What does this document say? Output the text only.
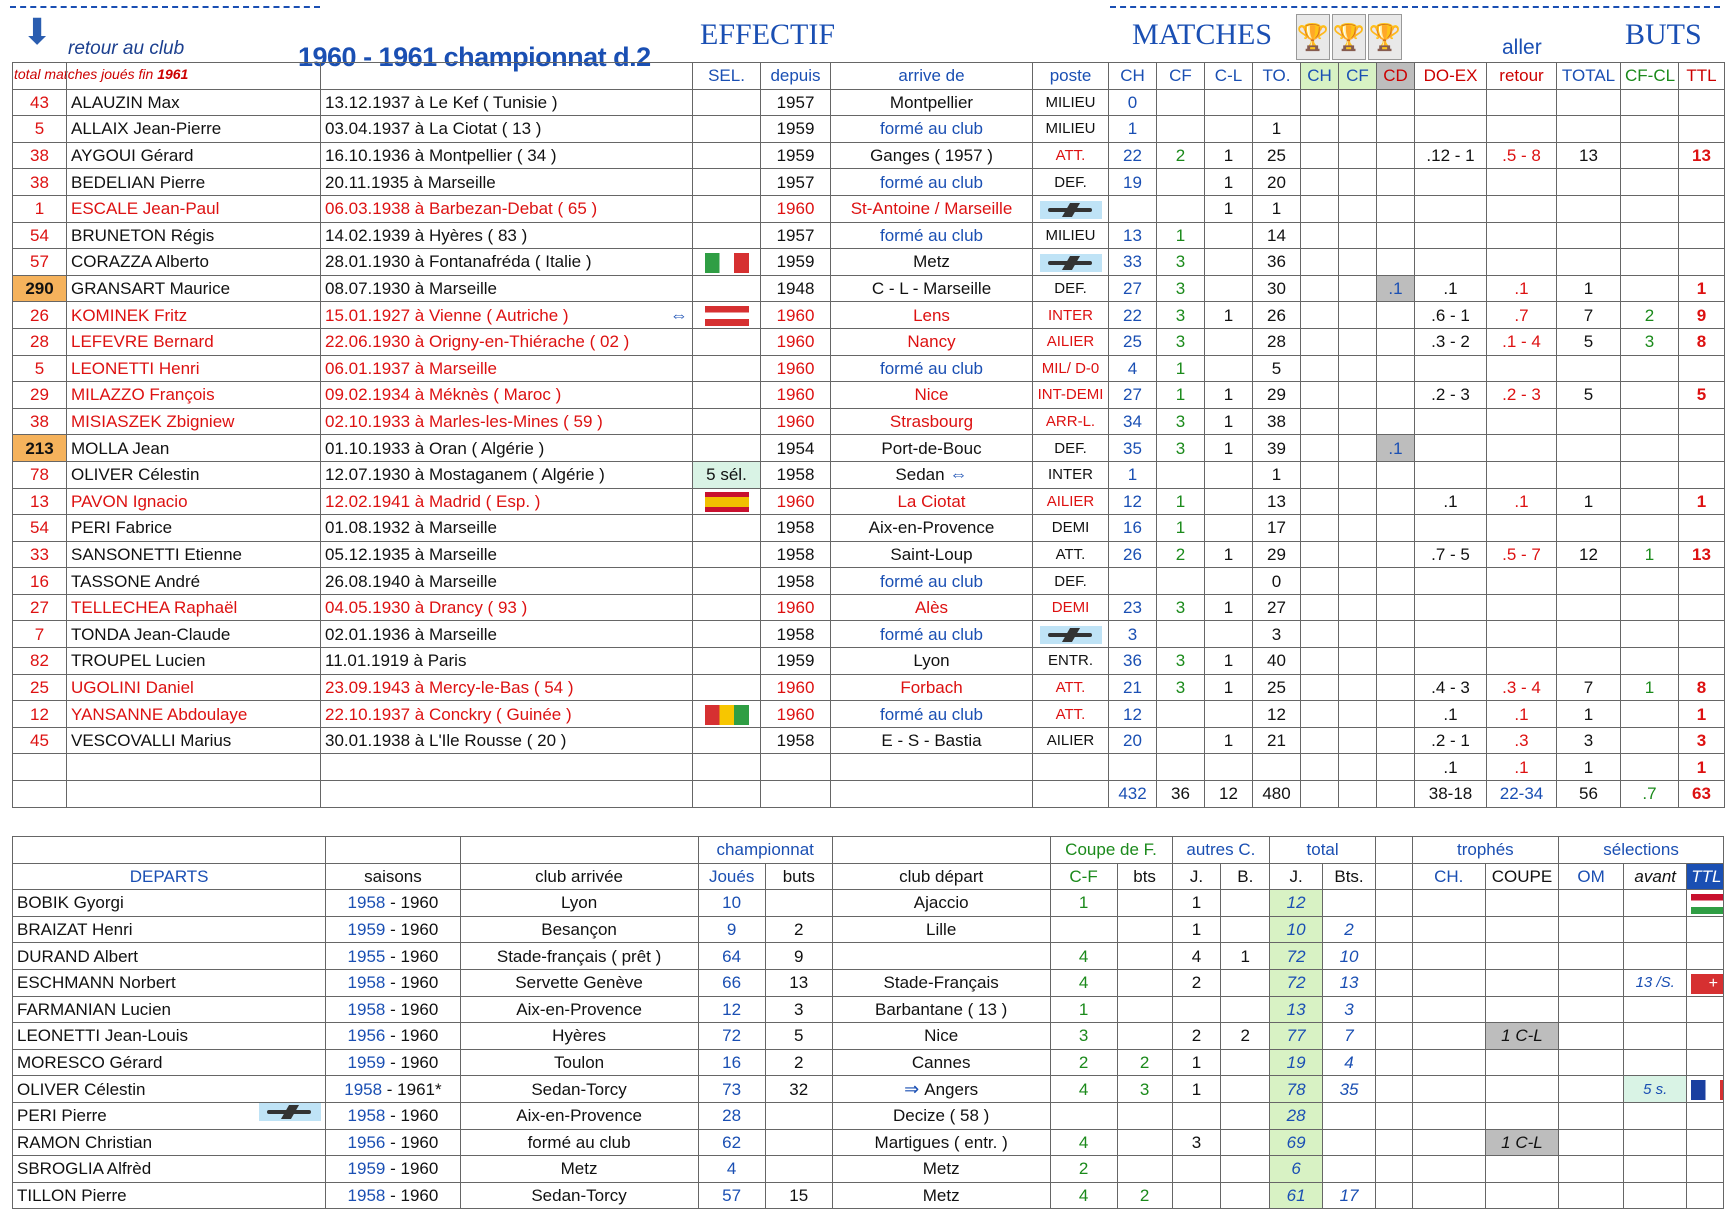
⬇ retour au club
total matches joués fin 1961
1960 - 1961 championnat d.2
EFFECTIF	MATCHES 🏆 🏆 🏆	aller	BUTS
			SEL.	depuis	arrive de	poste	CH	CF	C-L	TO.	CH	CF	CD	DO-EX	retour	TOTAL	CF-CL	TTL
43	ALAUZIN Max	13.12.1937 à Le Kef ( Tunisie )		1957	Montpellier	MILIEU	0											
5	ALLAIX Jean-Pierre	03.04.1937 à La Ciotat ( 13 )		1959	formé au club	MILIEU	1			1								
38	AYGOUI Gérard	16.10.1936 à Montpellier ( 34 )		1959	Ganges ( 1957 )	ATT.	22	2	1	25				.12 - 1	.5 - 8	13		13
38	BEDELIAN Pierre	20.11.1935 à Marseille		1957	formé au club	DEF.	19		1	20								
1	ESCALE Jean-Paul	06.03.1938 à Barbezan-Debat ( 65 )		1960	St-Antoine / Marseille				1	1								
54	BRUNETON Régis	14.02.1939 à Hyères ( 83 )		1957	formé au club	MILIEU	13	1		14								
57	CORAZZA Alberto	28.01.1930 à Fontanafréda ( Italie )		1959	Metz		33	3		36								
290	GRANSART Maurice	08.07.1930 à Marseille		1948	C - L - Marseille	DEF.	27	3		30			.1	.1	.1	1		1
26	KOMINEK Fritz	15.01.1927 à Vienne ( Autriche ) ⇔		1960	Lens	INTER	22	3	1	26				.6 - 1	.7	7	2	9
28	LEFEVRE Bernard	22.06.1930 à Origny-en-Thiérache ( 02 )		1960	Nancy	AILIER	25	3		28				.3 - 2	.1 - 4	5	3	8
5	LEONETTI Henri	06.01.1937 à Marseille		1960	formé au club	MIL/ D-0	4	1		5								
29	MILAZZO François	09.02.1934 à Méknès ( Maroc )		1960	Nice	INT-DEMI	27	1	1	29				.2 - 3	.2 - 3	5		5
38	MISIASZEK Zbigniew	02.10.1933 à Marles-les-Mines ( 59 )		1960	Strasbourg	ARR-L.	34	3	1	38								
213	MOLLA Jean	01.10.1933 à Oran ( Algérie )		1954	Port-de-Bouc	DEF.	35	3	1	39			.1					
78	OLIVER Célestin	12.07.1930 à Mostaganem ( Algérie )	5 sél.	1958	Sedan ⇔	INTER	1			1								
13	PAVON Ignacio	12.02.1941 à Madrid ( Esp. )		1960	La Ciotat	AILIER	12	1		13				.1	.1	1		1
54	PERI Fabrice	01.08.1932 à Marseille		1958	Aix-en-Provence	DEMI	16	1		17								
33	SANSONETTI Etienne	05.12.1935 à Marseille		1958	Saint-Loup	ATT.	26	2	1	29				.7 - 5	.5 - 7	12	1	13
16	TASSONE André	26.08.1940 à Marseille		1958	formé au club	DEF.				0								
27	TELLECHEA Raphaël	04.05.1930 à Drancy ( 93 )		1960	Alès	DEMI	23	3	1	27								
7	TONDA Jean-Claude	02.01.1936 à Marseille		1958	formé au club		3			3								
82	TROUPEL Lucien	11.01.1919 à Paris		1959	Lyon	ENTR.	36	3	1	40								
25	UGOLINI Daniel	23.09.1943 à Mercy-le-Bas ( 54 )		1960	Forbach	ATT.	21	3	1	25				.4 - 3	.3 - 4	7	1	8
12	YANSANNE Abdoulaye	22.10.1937 à Conckry ( Guinée )		1960	formé au club	ATT.	12			12				.1	.1	1		1
45	VESCOVALLI Marius	30.01.1938 à L'Ile Rousse ( 20 )		1958	E - S - Bastia	AILIER	20		1	21				.2 - 1	.3	3		3
														.1	.1	1		1
							432	36	12	480				38-18	22-34	56	.7	63
			championnat			Coupe de F.		autres C.		total			trophés		sélections		
DEPARTS	saisons	club arrivée	Joués	buts	club départ	C-F	bts	J.	B.	J.	Bts.		CH.	COUPE	OM	avant	TTL
BOBIK Gyorgi	1958 - 1960	Lyon	10		Ajaccio	1		1		12							
BRAIZAT Henri	1959 - 1960	Besançon	9	2	Lille			1		10	2						
DURAND Albert	1955 - 1960	Stade-français ( prêt )	64	9		4		4	1	72	10						
ESCHMANN Norbert	1958 - 1960	Servette Genève	66	13	Stade-Français	4		2		72	13					13 /S.	+
FARMANIAN Lucien	1958 - 1960	Aix-en-Provence	12	3	Barbantane ( 13 )	1				13	3						
LEONETTI Jean-Louis	1956 - 1960	Hyères	72	5	Nice	3		2	2	77	7			1 C-L			
MORESCO Gérard	1959 - 1960	Toulon	16	2	Cannes	2	2	1		19	4						
OLIVER Célestin	1958 - 1961*	Sedan-Torcy	73	32	⇒ Angers	4	3	1		78	35					5 s.	
PERI Pierre	1958 - 1960	Aix-en-Provence	28		Decize ( 58 )					28							
RAMON Christian	1956 - 1960	formé au club	62		Martigues ( entr. )	4		3		69				1 C-L			
SBROGLIA Alfrèd	1959 - 1960	Metz	4		Metz	2				6							
TILLON Pierre	1958 - 1960	Sedan-Torcy	57	15	Metz	4	2			61	17						
